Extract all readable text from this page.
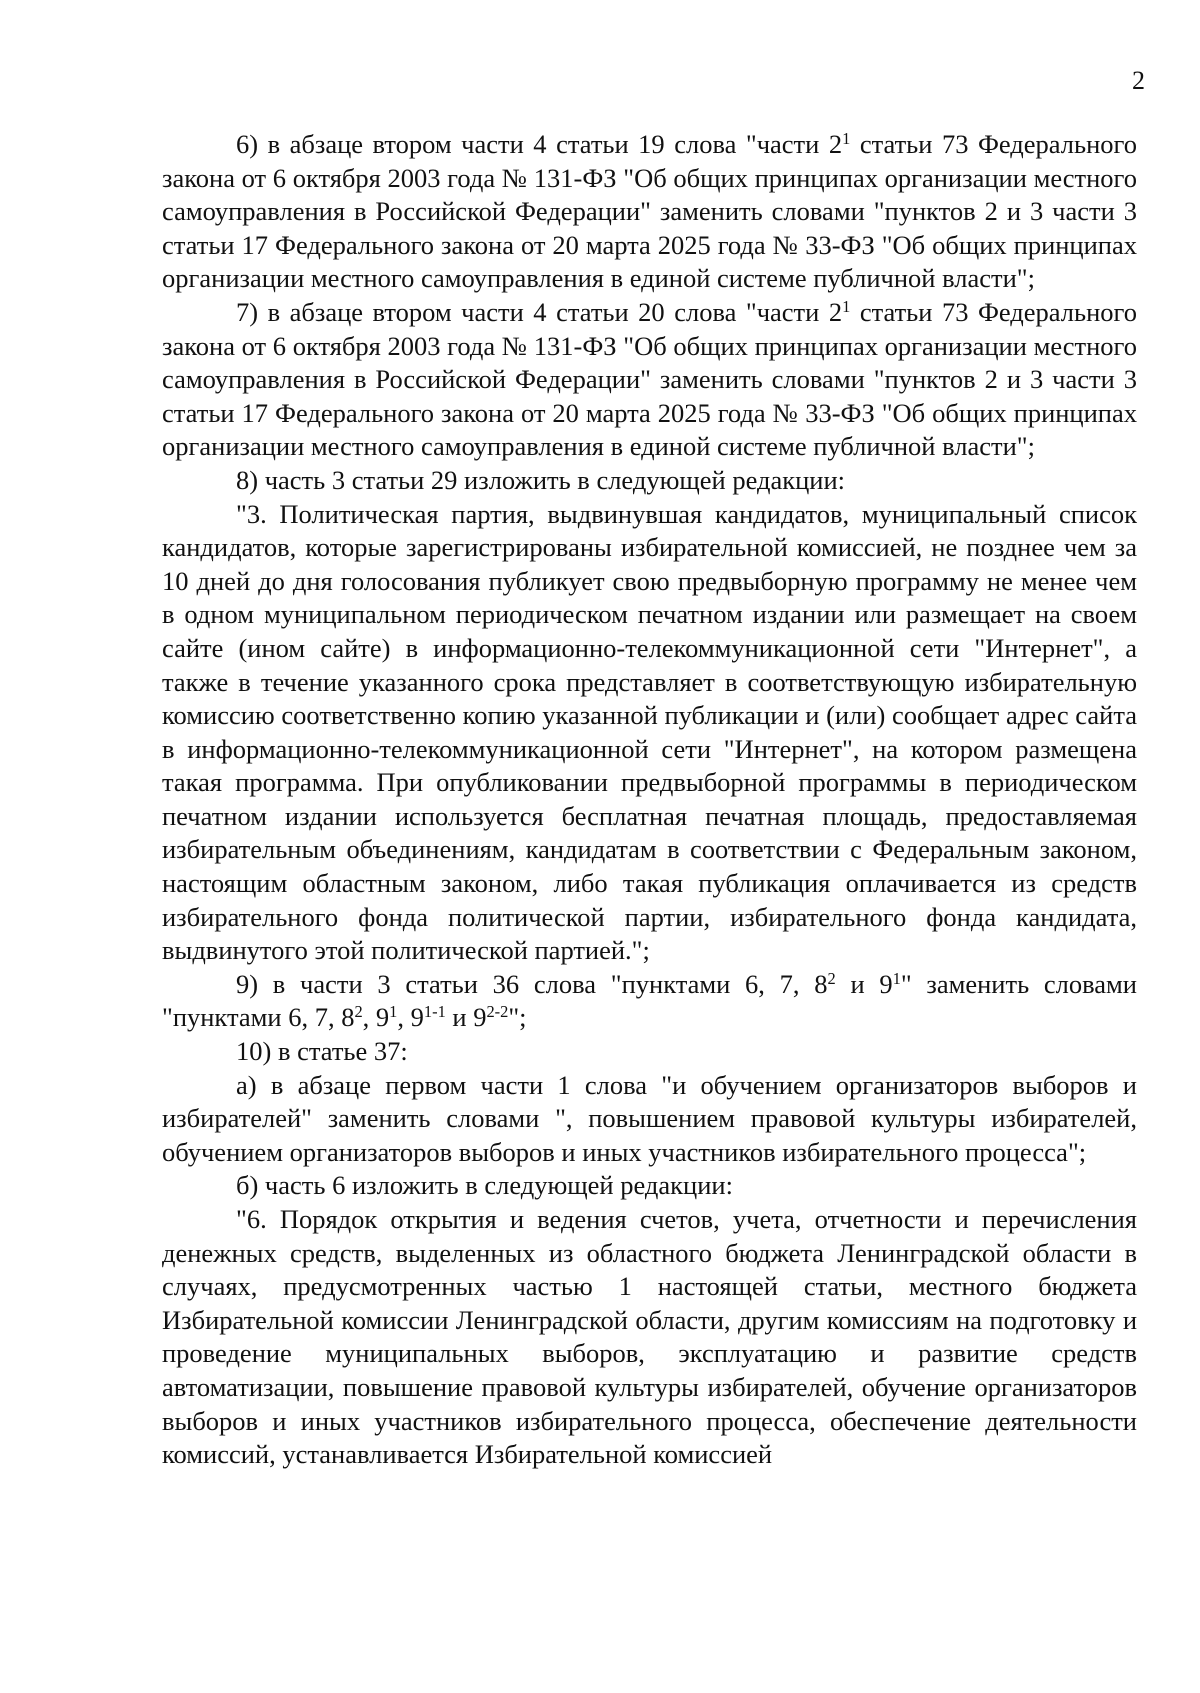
2

6) в абзаце втором части 4 статьи 19 слова "части $2^1$ статьи 73 Федерального закона от 6 октября 2003 года № 131-ФЗ "Об общих принципах организации местного самоуправления в Российской Федерации" заменить словами "пунктов 2 и 3 части 3 статьи 17 Федерального закона от 20 марта 2025 года № 33-ФЗ "Об общих принципах организации местного самоуправления в единой системе публичной власти";

7) в абзаце втором части 4 статьи 20 слова "части $2^1$ статьи 73 Федерального закона от 6 октября 2003 года № 131-ФЗ "Об общих принципах организации местного самоуправления в Российской Федерации" заменить словами "пунктов 2 и 3 части 3 статьи 17 Федерального закона от 20 марта 2025 года № 33-ФЗ "Об общих принципах организации местного самоуправления в единой системе публичной власти";

8) часть 3 статьи 29 изложить в следующей редакции:

"3. Политическая партия, выдвинувшая кандидатов, муниципальный список кандидатов, которые зарегистрированы избирательной комиссией, не позднее чем за 10 дней до дня голосования публикует свою предвыборную программу не менее чем в одном муниципальном периодическом печатном издании или размещает на своем сайте (ином сайте) в информационно-телекоммуникационной сети "Интернет", а также в течение указанного срока представляет в соответствующую избирательную комиссию соответственно копию указанной публикации и (или) сообщает адрес сайта в информационно-телекоммуникационной сети "Интернет", на котором размещена такая программа. При опубликовании предвыборной программы в периодическом печатном издании используется бесплатная печатная площадь, предоставляемая избирательным объединениям, кандидатам в соответствии с Федеральным законом, настоящим областным законом, либо такая публикация оплачивается из средств избирательного фонда политической партии, избирательного фонда кандидата, выдвинутого этой политической партией.";

9) в части 3 статьи 36 слова "пунктами 6, 7, $8^2$ и $9^1$" заменить словами "пунктами 6, 7, $8^2$, $9^1$, 9$^{1-1}$ и 9$^{2-2}$";

10) в статье 37:

а) в абзаце первом части 1 слова "и обучением организаторов выборов и избирателей" заменить словами ", повышением правовой культуры избирателей, обучением организаторов выборов и иных участников избирательного процесса";

б) часть 6 изложить в следующей редакции:

"6. Порядок открытия и ведения счетов, учета, отчетности и перечисления денежных средств, выделенных из областного бюджета Ленинградской области в случаях, предусмотренных частью 1 настоящей статьи, местного бюджета Избирательной комиссии Ленинградской области, другим комиссиям на подготовку и проведение муниципальных выборов, эксплуатацию и развитие средств автоматизации, повышение правовой культуры избирателей, обучение организаторов выборов и иных участников избирательного процесса, обеспечение деятельности комиссий, устанавливается Избирательной комиссией
